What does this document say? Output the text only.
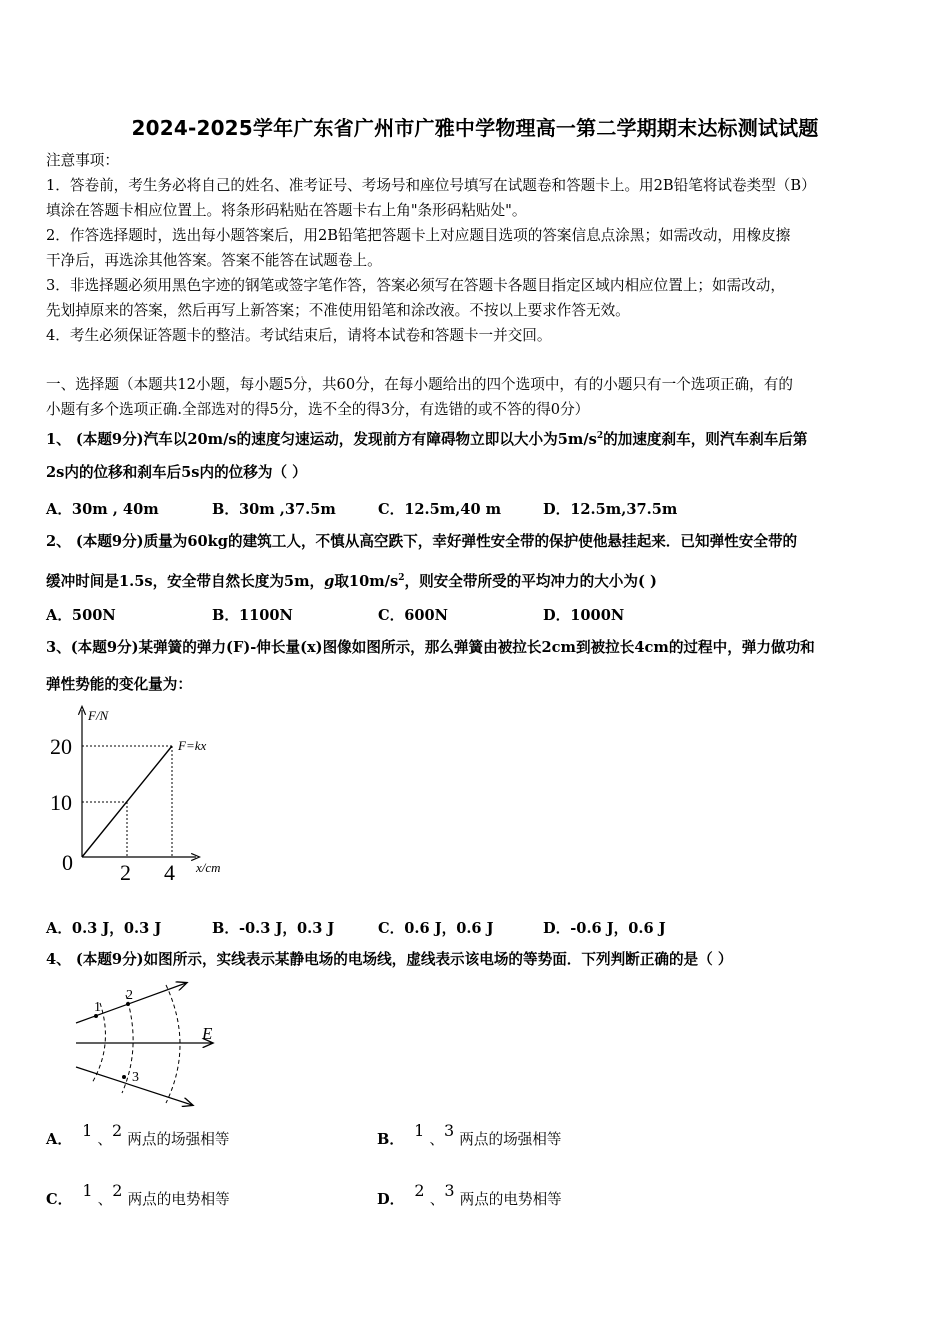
2024-2025学年广东省广州市广雅中学物理高一第二学期期末达标测试试题
注意事项：
1．答卷前，考生务必将自己的姓名、准考证号、考场号和座位号填写在试题卷和答题卡上。用2B铅笔将试卷类型（B）
填涂在答题卡相应位置上。将条形码粘贴在答题卡右上角"条形码粘贴处"。
2．作答选择题时，选出每小题答案后，用2B铅笔把答题卡上对应题目选项的答案信息点涂黑；如需改动，用橡皮擦
干净后，再选涂其他答案。答案不能答在试题卷上。
3．非选择题必须用黑色字迹的钢笔或签字笔作答，答案必须写在答题卡各题目指定区域内相应位置上；如需改动，
先划掉原来的答案，然后再写上新答案；不准使用铅笔和涂改液。不按以上要求作答无效。
4．考生必须保证答题卡的整洁。考试结束后，请将本试卷和答题卡一并交回。
一、选择题（本题共12小题，每小题5分，共60分，在每小题给出的四个选项中，有的小题只有一个选项正确，有的
小题有多个选项正确.全部选对的得5分，选不全的得3分，有选错的或不答的得0分）
1、 (本题9分)汽车以20m/s的速度匀速运动，发现前方有障碍物立即以大小为$5m/s^2$的加速度刹车，则汽车刹车后第
2s内的位移和刹车后5s内的位移为（ ）
A．30m , 40m	B．30m ,37.5m	C．12.5m,40 m	D．12.5m,37.5m
2、 (本题9分)质量为60kg的建筑工人，不慎从高空跌下，幸好弹性安全带的保护使他悬挂起来．已知弹性安全带的
缓冲时间是1.5s，安全带自然长度为5m，g取$10m/s^2$，则安全带所受的平均冲力的大小为( )
A．500N	B．1100N	C．600N	D．1000N
3、(本题9分)某弹簧的弹力(F)-伸长量(x)图像如图所示，那么弹簧由被拉长2cm到被拉长4cm的过程中，弹力做功和
弹性势能的变化量为：
F/N
x/cm
20
10
0 2 4
F=kx
A．0.3 J，0.3 J	B．-0.3 J，0.3 J	C．0.6 J，0.6 J	D．-0.6 J，0.6 J
4、 (本题9分)如图所示，实线表示某静电场的电场线，虚线表示该电场的等势面．下列判断正确的是（ ）
1
2
3
E
A． 1 、2 两点的场强相等	B． 1 、3 两点的场强相等
C． 1 、2 两点的电势相等	D． 2 、3 两点的电势相等
